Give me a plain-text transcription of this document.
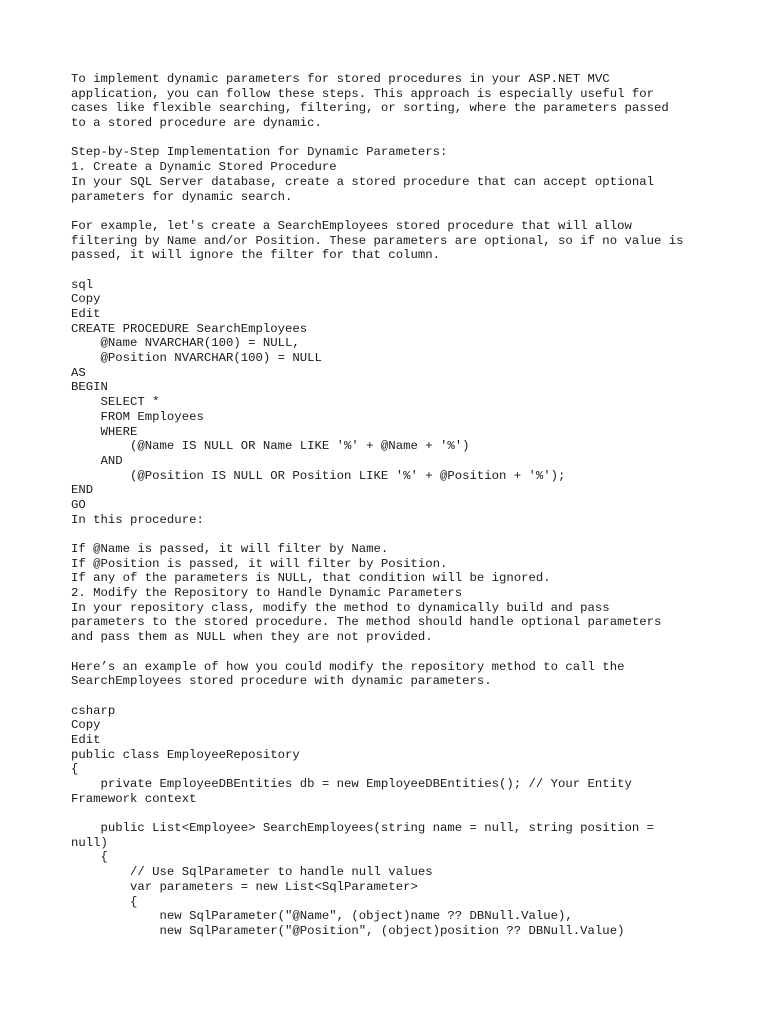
To implement dynamic parameters for stored procedures in your ASP.NET MVC
application, you can follow these steps. This approach is especially useful for
cases like flexible searching, filtering, or sorting, where the parameters passed
to a stored procedure are dynamic.
Step-by-Step Implementation for Dynamic Parameters:
1. Create a Dynamic Stored Procedure
In your SQL Server database, create a stored procedure that can accept optional
parameters for dynamic search.
For example, let's create a SearchEmployees stored procedure that will allow
filtering by Name and/or Position. These parameters are optional, so if no value is
passed, it will ignore the filter for that column.
sql
Copy
Edit
CREATE PROCEDURE SearchEmployees
@Name NVARCHAR(100) = NULL,
@Position NVARCHAR(100) = NULL
AS
BEGIN
SELECT *
FROM Employees
WHERE
(@Name IS NULL OR Name LIKE '%' + @Name + '%')
AND
(@Position IS NULL OR Position LIKE '%' + @Position + '%');
END
GO
In this procedure:
If @Name is passed, it will filter by Name.
If @Position is passed, it will filter by Position.
If any of the parameters is NULL, that condition will be ignored.
2. Modify the Repository to Handle Dynamic Parameters
In your repository class, modify the method to dynamically build and pass
parameters to the stored procedure. The method should handle optional parameters
and pass them as NULL when they are not provided.
Here’s an example of how you could modify the repository method to call the
SearchEmployees stored procedure with dynamic parameters.
csharp
Copy
Edit
public class EmployeeRepository
{
private EmployeeDBEntities db = new EmployeeDBEntities(); // Your Entity
Framework context
public List<Employee> SearchEmployees(string name = null, string position =
null)
{
// Use SqlParameter to handle null values
var parameters = new List<SqlParameter>
{
new SqlParameter("@Name", (object)name ?? DBNull.Value),
new SqlParameter("@Position", (object)position ?? DBNull.Value)
